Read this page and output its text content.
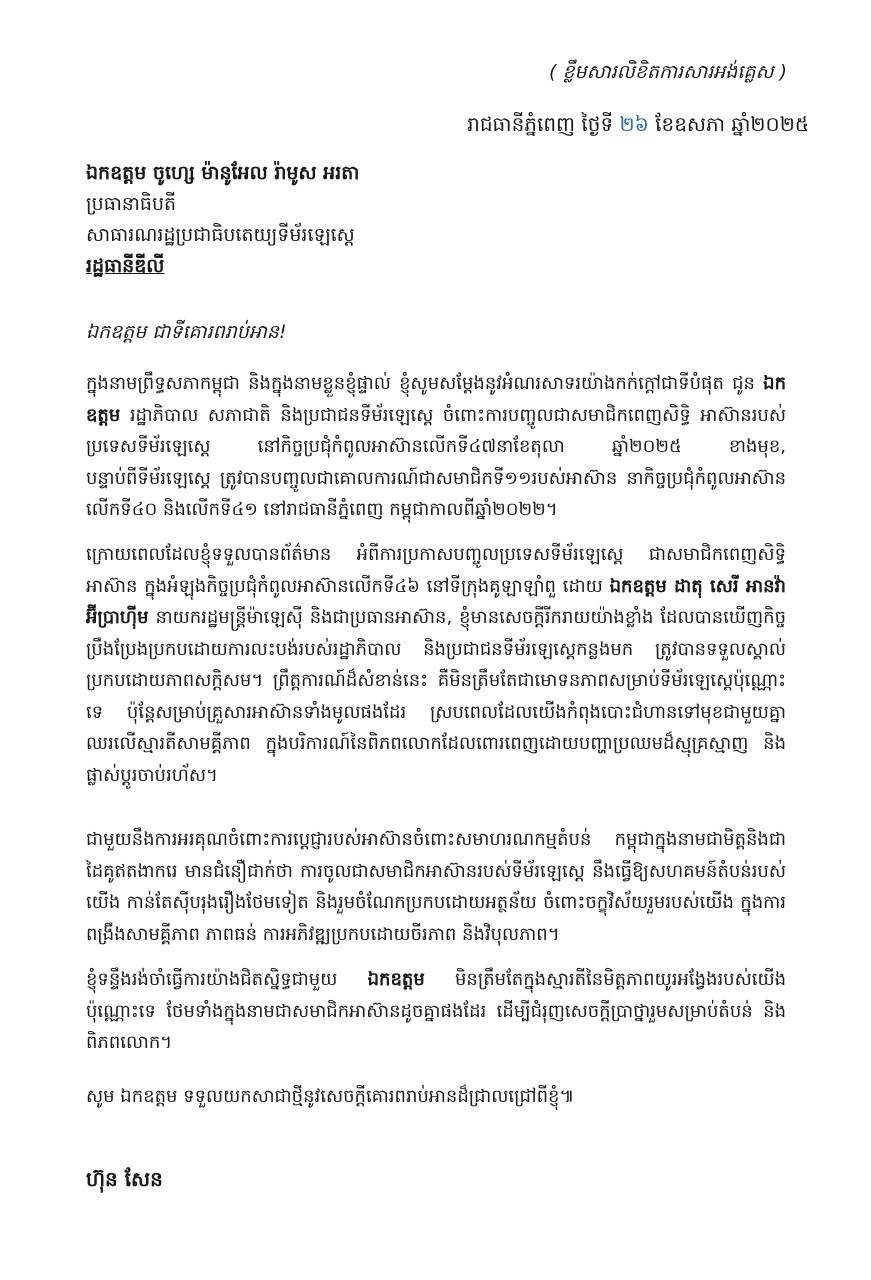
( ខ្លឹមសារលិខិតការសារអង់គ្លេស )
រាជធានីភ្នំពេញ ថ្ងៃទី ២៦ ខែឧសភា ឆ្នាំ២០២៥
ឯកឧត្តម ចូហ្សេ ម៉ានូអែល រ៉ាមូស អរតា
ប្រធានាធិបតី
សាធារណរដ្ឋប្រជាធិបតេយ្យទីម័រឡេស្តេ
រដ្ឋធានីឌីលី
ឯកឧត្តម ជាទីគោរពរាប់អាន!

ក្នុងនាមព្រឹទ្ធសភាកម្ពុជា និងក្នុងនាមខ្លួនខ្ញុំផ្ទាល់ ខ្ញុំសូមសម្តែងនូវអំណរសាទរយ៉ាងកក់ក្តៅជាទីបំផុត ជូន ឯកឧត្តម រដ្ឋាភិបាល សភាជាតិ និងប្រជាជនទីម័រឡេស្តេ ចំពោះការបញ្ចូលជាសមាជិកពេញសិទ្ធិ អាស៊ានរបស់ប្រទេសទីម័រឡេស្តេ នៅកិច្ចប្រជុំកំពូលអាស៊ានលើកទី៤៧នាខែតុលា ឆ្នាំ២០២៥ ខាងមុខ, បន្ទាប់ពីទីម័រឡេស្តេ ត្រូវបានបញ្ចូលជាគោលការណ៍ជាសមាជិកទី១១របស់អាស៊ាន នាកិច្ចប្រជុំកំពូលអាស៊ានលើកទី៤០ និងលើកទី៤១ នៅរាជធានីភ្នំពេញ កម្ពុជាកាលពីឆ្នាំ២០២២។

ក្រោយពេលដែលខ្ញុំទទួលបានព័ត៌មាន អំពីការប្រកាសបញ្ចូលប្រទេសទីម័រឡេស្តេ ជាសមាជិកពេញសិទ្ធិអាស៊ាន ក្នុងអំឡុងកិច្ចប្រជុំកំពូលអាស៊ានលើកទី៤៦ នៅទីក្រុងគូឡាឡាំពួ ដោយ ឯកឧត្តម ដាតុ សេរី អានវ៉ា អ៊ីប្រាហ៊ីម នាយករដ្ឋមន្ត្រីម៉ាឡេស៊ី និងជាប្រធានអាស៊ាន, ខ្ញុំមានសេចក្តីរីករាយយ៉ាងខ្លាំង ដែលបានឃើញកិច្ចប្រឹងប្រែងប្រកបដោយការលះបង់របស់រដ្ឋាភិបាល និងប្រជាជនទីម័រឡេស្តេកន្លងមក ត្រូវបានទទួលស្គាល់ប្រកបដោយភាពសក្តិសម។ ព្រឹត្តការណ៍ដ៏សំខាន់នេះ គឺមិនត្រឹមតែជាមោទនភាពសម្រាប់ទីម័រឡេស្តេប៉ុណ្ណោះទេ ប៉ុន្តែសម្រាប់គ្រួសារអាស៊ានទាំងមូលផងដែរ ស្របពេលដែលយើងកំពុងបោះជំហានទៅមុខជាមួយគ្នា ឈរលើស្មារតីសាមគ្គីភាព ក្នុងបរិការណ៍នៃពិភពលោកដែលពោរពេញដោយបញ្ហាប្រឈមដ៏ស្មុគ្រស្មាញ និងផ្លាស់ប្តូរចាប់រហ័ស។

ជាមួយនឹងការអរគុណចំពោះការប្តេជ្ញារបស់អាស៊ានចំពោះសមាហរណកម្មតំបន់ កម្ពុជាក្នុងនាមជាមិត្តនិងជាដៃគូឥតងាករេ មានជំនឿជាក់ថា ការចូលជាសមាជិកអាស៊ានរបស់ទីម័រឡេស្តេ នឹងធ្វើឱ្យសហគមន៍តំបន់របស់យើង កាន់តែស៊ីបរុងរឿងថែមទៀត និងរួមចំណែកប្រកបដោយអត្ថន័យ ចំពោះចក្ខុវិស័យរួមរបស់យើង ក្នុងការពង្រឹងសាមគ្គីភាព ភាពធន់ ការអភិវឌ្ឍប្រកបដោយចីរភាព និងវិបុលភាព។

ខ្ញុំទន្ទឹងរង់ចាំធ្វើការយ៉ាងជិតស្និទ្ធជាមួយ ឯកឧត្តម មិនត្រឹមតែក្នុងស្មារតីនៃមិត្តភាពយូរអង្វែងរបស់យើងប៉ុណ្ណោះទេ ថែមទាំងក្នុងនាមជាសមាជិកអាស៊ានដូចគ្នាផងដែរ ដើម្បីជំរុញសេចក្តីប្រាថ្នារួមសម្រាប់តំបន់ និងពិភពលោក។

សូម ឯកឧត្តម ទទួលយកសាជាថ្មីនូវសេចក្តីគោរពរាប់អានដ៏ជ្រាលជ្រៅពីខ្ញុំ៕
ហ៊ុន សែន
